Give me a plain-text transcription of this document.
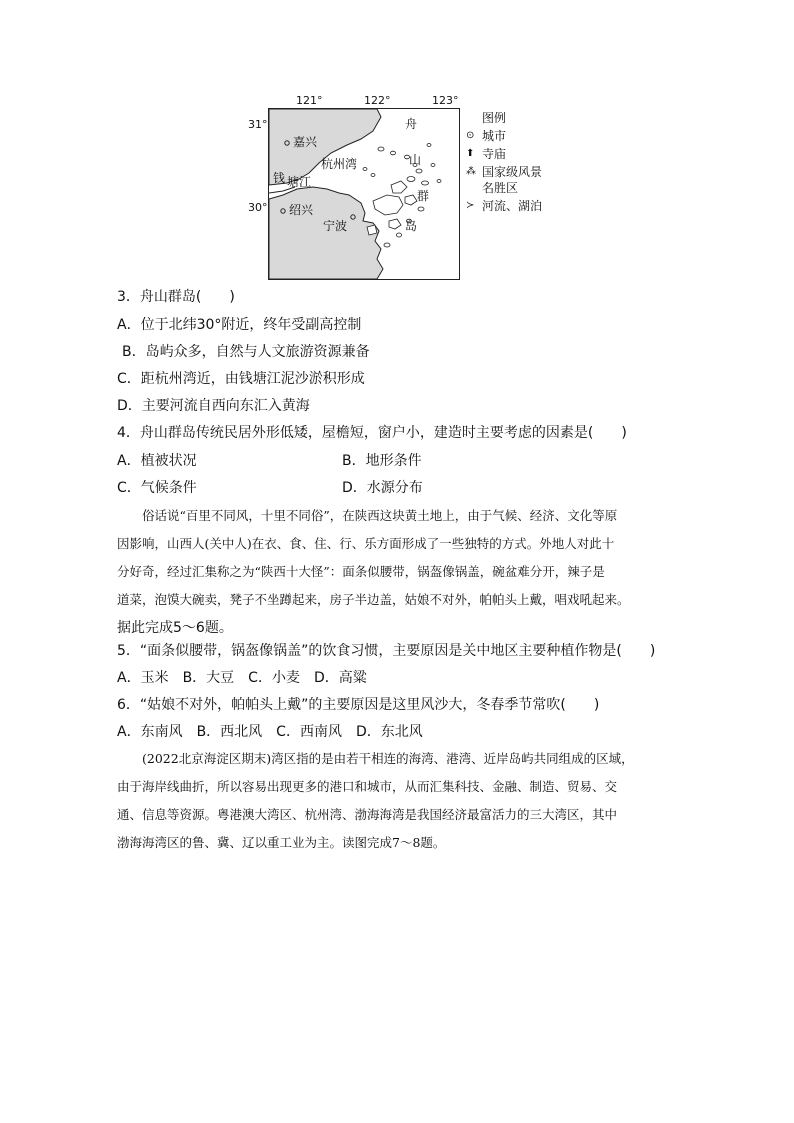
121°	122°	123°
31°
30°
嘉兴
舟
山
群
岛
杭州湾
钱 塘江
绍兴
宁波
图例
⊙ 城市
⬆ 寺庙
⁂ 国家级风景
名胜区
≻ 河流、湖泊
3．舟山群岛(　　)
A．位于北纬30°附近，终年受副高控制
B．岛屿众多，自然与人文旅游资源兼备
C．距杭州湾近，由钱塘江泥沙淤积形成
D．主要河流自西向东汇入黄海
4．舟山群岛传统民居外形低矮，屋檐短，窗户小，建造时主要考虑的因素是(　　)
A．植被状况	B．地形条件
C．气候条件	D．水源分布
俗话说“百里不同风，十里不同俗”，在陕西这块黄土地上，由于气候、经济、文化等原
因影响，山西人(关中人)在衣、食、住、行、乐方面形成了一些独特的方式。外地人对此十
分好奇，经过汇集称之为“陕西十大怪”：面条似腰带，锅盔像锅盖，碗盆难分开，辣子是
道菜，泡馍大碗卖，凳子不坐蹲起来，房子半边盖，姑娘不对外，帕帕头上戴，唱戏吼起来。
据此完成5～6题。
5．“面条似腰带，锅盔像锅盖”的饮食习惯，主要原因是关中地区主要种植作物是(　　)
A．玉米　B．大豆　C．小麦　D．高粱
6．“姑娘不对外，帕帕头上戴”的主要原因是这里风沙大，冬春季节常吹(　　)
A．东南风　B．西北风　C．西南风　D．东北风
(2022北京海淀区期末)湾区指的是由若干相连的海湾、港湾、近岸岛屿共同组成的区域，
由于海岸线曲折，所以容易出现更多的港口和城市，从而汇集科技、金融、制造、贸易、交
通、信息等资源。粤港澳大湾区、杭州湾、渤海海湾是我国经济最富活力的三大湾区，其中
渤海海湾区的鲁、冀、辽以重工业为主。读图完成7～8题。
